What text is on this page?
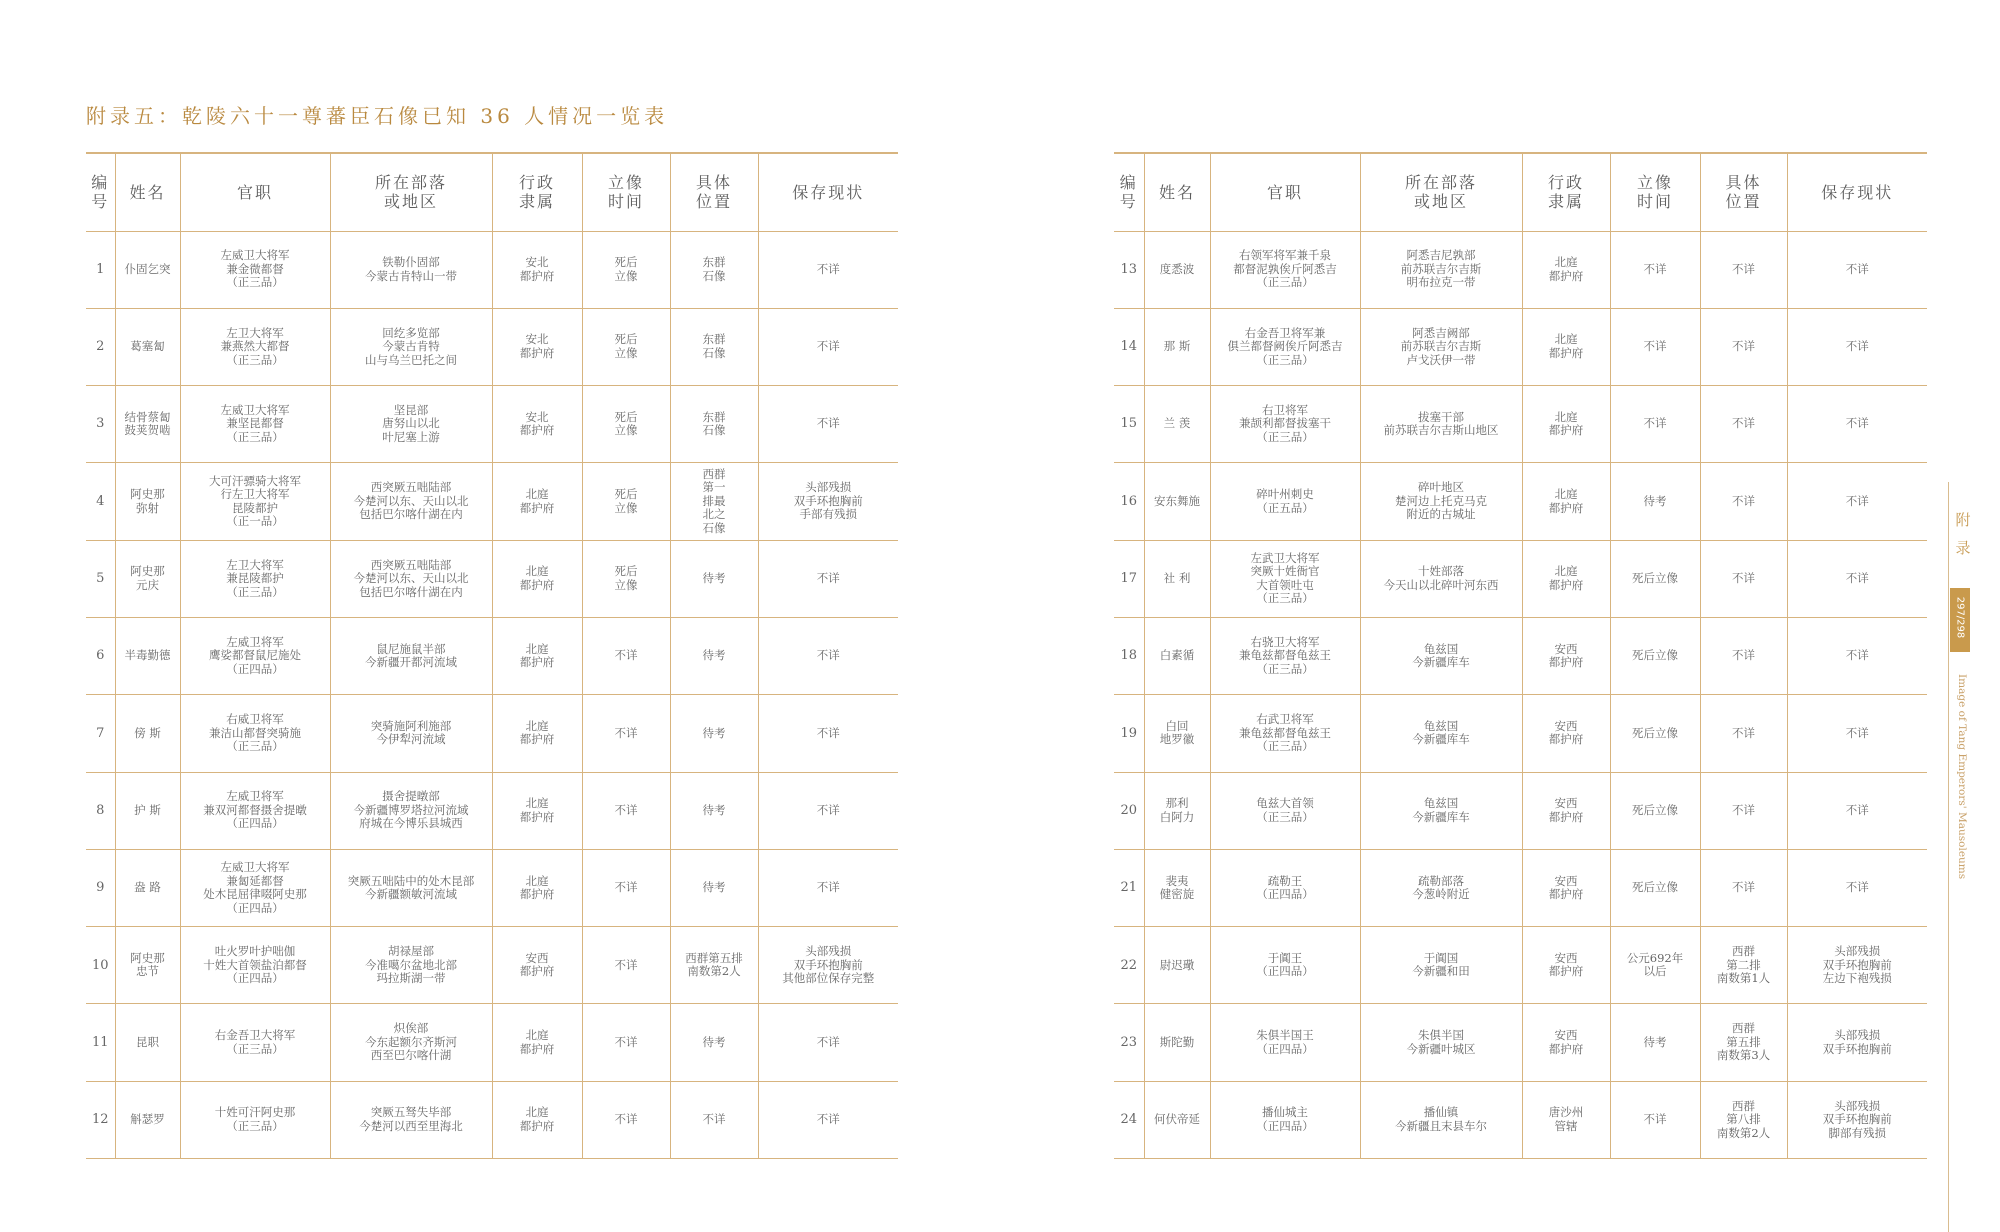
附录五：乾陵六十一尊蕃臣石像已知 36 人情况一览表
编
号	姓名	官职	所在部落
或地区	行政
隶属	立像
时间	具体
位置	保存现状
1	仆固乞突	左威卫大将军
兼金微都督
（正三品）	铁勒仆固部
今蒙古肯特山一带	安北
都护府	死后
立像	东群
石像	不详
2	葛塞匐	左卫大将军
兼燕然大都督
（正三品）	回纥多览部
今蒙古肯特
山与乌兰巴托之间	安北
都护府	死后
立像	东群
石像	不详
3	结骨蔡匐
鼓荚贺啮	左威卫大将军
兼坚昆都督
（正三品）	坚昆部
唐努山以北
叶尼塞上游	安北
都护府	死后
立像	东群
石像	不详
4	阿史那
弥射	大可汗骠骑大将军
行左卫大将军
昆陵都护
（正一品）	西突厥五咄陆部
今楚河以东、天山以北
包括巴尔喀什湖在内	北庭
都护府	死后
立像	西群
第一
排最
北之
石像	头部残损
双手环抱胸前
手部有残损
5	阿史那
元庆	左卫大将军
兼昆陵都护
（正三品）	西突厥五咄陆部
今楚河以东、天山以北
包括巴尔喀什湖在内	北庭
都护府	死后
立像	待考	不详
6	半毒勤德	左威卫将军
鹰娑都督鼠尼施处
（正四品）	鼠尼施鼠半部
今新疆开都河流域	北庭
都护府	不详	待考	不详
7	傍 斯	右威卫将军
兼洁山都督突骑施
（正三品）	突骑施阿利施部
今伊犁河流域	北庭
都护府	不详	待考	不详
8	护 斯	左威卫将军
兼双河都督摄舍提暾
（正四品）	摄舍提暾部
今新疆博罗塔拉河流域
府城在今博乐县城西	北庭
都护府	不详	待考	不详
9	盎 路	左威卫大将军
兼匐延都督
处木昆屈律啜阿史那
（正四品）	突厥五咄陆中的处木昆部
今新疆额敏河流域	北庭
都护府	不详	待考	不详
10	阿史那
忠节	吐火罗叶护咄伽
十姓大首领盐泊都督
（正四品）	胡禄屋部
今准噶尔盆地北部
玛拉斯湖一带	安西
都护府	不详	西群第五排
南数第2人	头部残损
双手环抱胸前
其他部位保存完整
11	昆职	右金吾卫大将军
（正三品）	炽俟部
今东起额尔齐斯河
西至巴尔喀什湖	北庭
都护府	不详	待考	不详
12	斛瑟罗	十姓可汗阿史那
（正三品）	突厥五驽失毕部
今楚河以西至里海北	北庭
都护府	不详	不详	不详
编
号	姓名	官职	所在部落
或地区	行政
隶属	立像
时间	具体
位置	保存现状
13	度悉波	右领军将军兼千泉
都督泥孰俟斤阿悉吉
（正三品）	阿悉吉尼孰部
前苏联吉尔吉斯
明布拉克一带	北庭
都护府	不详	不详	不详
14	那 斯	右金吾卫将军兼
俱兰都督阙俟斤阿悉吉
（正三品）	阿悉吉阙部
前苏联吉尔吉斯
卢戈沃伊一带	北庭
都护府	不详	不详	不详
15	兰 羡	右卫将军
兼颉利都督拔塞干
（正三品）	拔塞干部
前苏联吉尔吉斯山地区	北庭
都护府	不详	不详	不详
16	安东舞施	碎叶州刺史
（正五品）	碎叶地区
楚河边上托克马克
附近的古城址	北庭
都护府	待考	不详	不详
17	社 利	左武卫大将军
突厥十姓衙官
大首领吐屯
（正三品）	十姓部落
今天山以北碎叶河东西	北庭
都护府	死后立像	不详	不详
18	白素循	右骁卫大将军
兼龟兹都督龟兹王
（正三品）	龟兹国
今新疆库车	安西
都护府	死后立像	不详	不详
19	白回
地罗徽	右武卫将军
兼龟兹都督龟兹王
（正三品）	龟兹国
今新疆库车	安西
都护府	死后立像	不详	不详
20	那利
白阿力	龟兹大首领
（正三品）	龟兹国
今新疆库车	安西
都护府	死后立像	不详	不详
21	裴夷
健密旋	疏勒王
（正四品）	疏勒部落
今葱岭附近	安西
都护府	死后立像	不详	不详
22	尉迟璥	于阗王
（正四品）	于阗国
今新疆和田	安西
都护府	公元692年
以后	西群
第二排
南数第1人	头部残损
双手环抱胸前
左边下袍残损
23	斯陀勤	朱俱半国王
（正四品）	朱俱半国
今新疆叶城区	安西
都护府	待考	西群
第五排
南数第3人	头部残损
双手环抱胸前
24	何伏帝延	播仙城主
（正四品）	播仙镇
今新疆且末县车尔	唐沙州
管辖	不详	西群
第八排
南数第2人	头部残损
双手环抱胸前
脚部有残损
附
录
297/298
Image of Tang Emperors' Mausoleums
